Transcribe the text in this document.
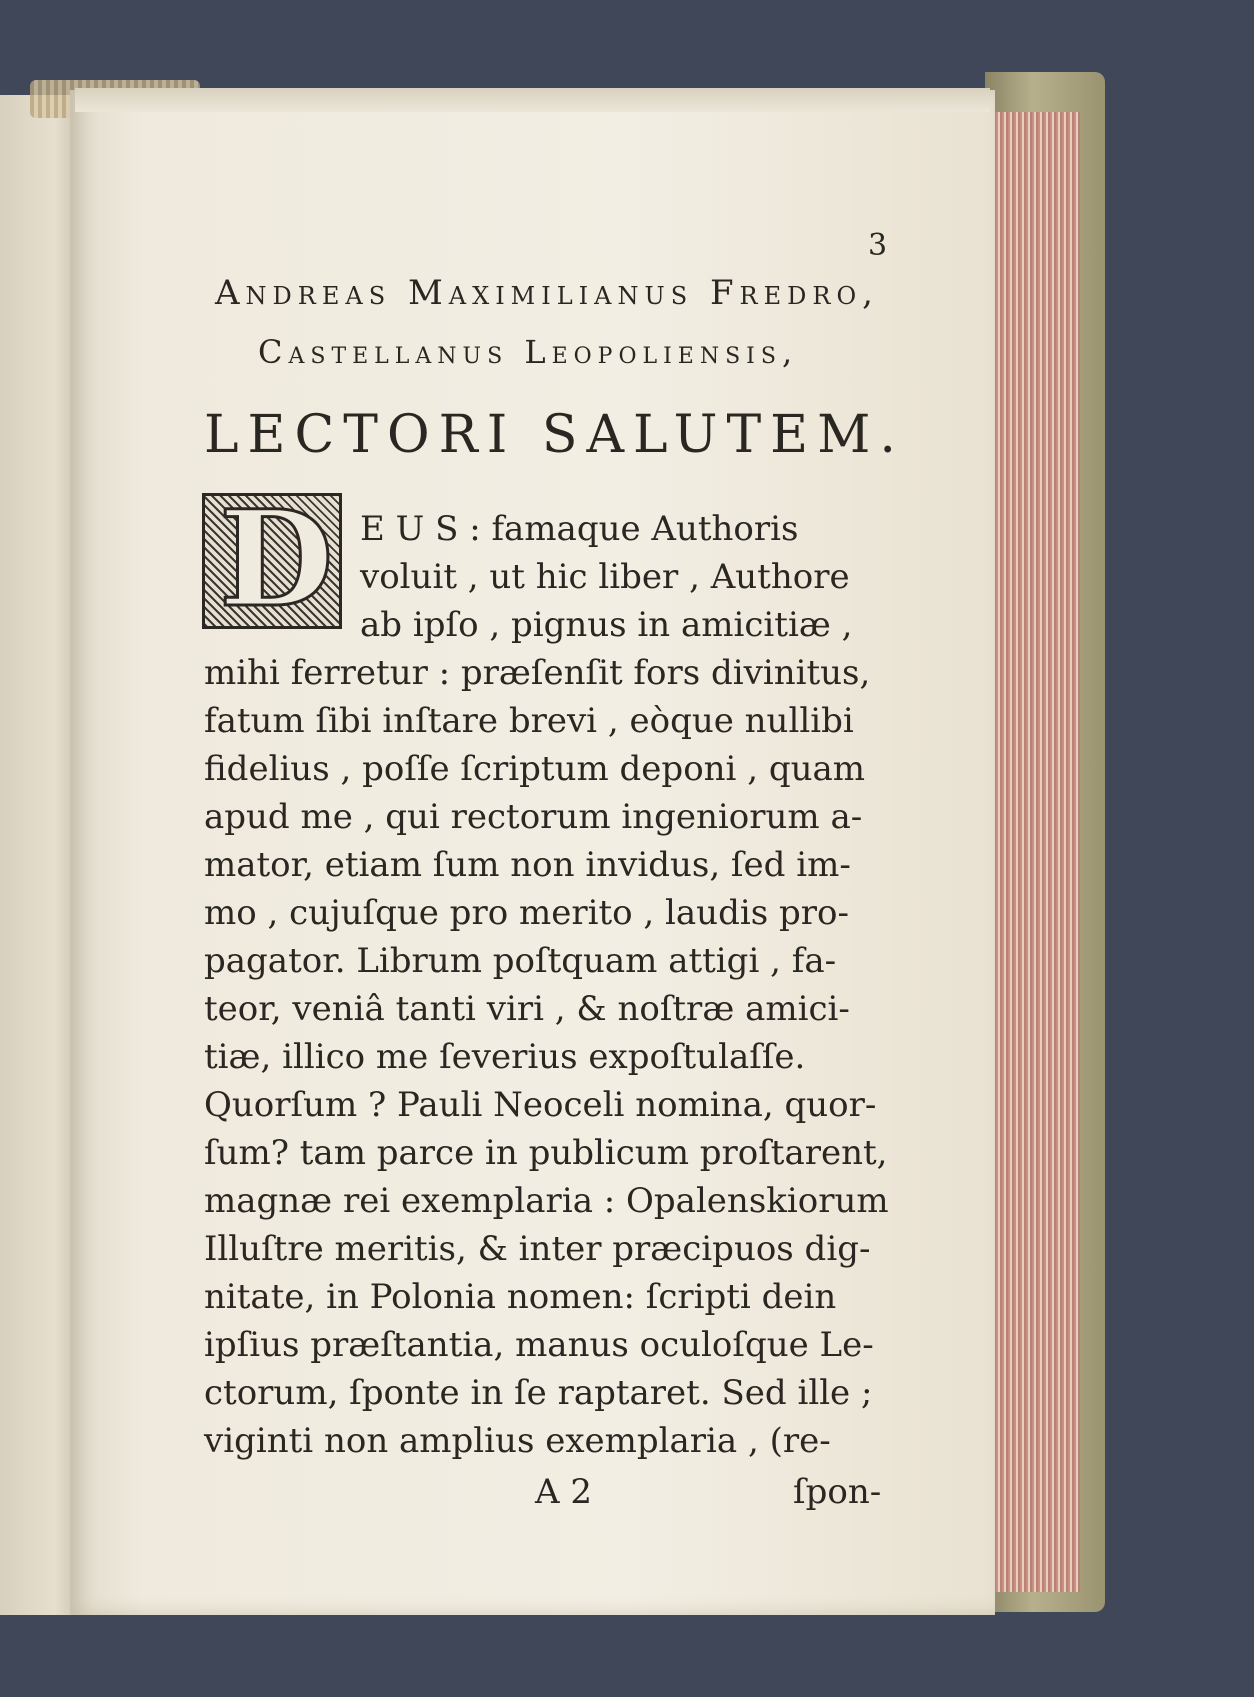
3
Andreas Maximilianus Fredro,
Castellanus Leopoliensis,
LECTORI SALUTEM.
D E U S : famaque Authoris
voluit , ut hic liber , Authore
ab ipſo , pignus in amicitiæ ,
mihi ferretur : præſenſit fors divinitus,
fatum ſibi inſtare brevi , eòque nullibi
fidelius , poſſe ſcriptum deponi , quam
apud me , qui rectorum ingeniorum a-
mator, etiam ſum non invidus, ſed im-
mo , cujuſque pro merito , laudis pro-
pagator. Librum poſtquam attigi , fa-
teor, veniâ tanti viri , & noſtræ amici-
tiæ, illico me ſeverius expoſtulaſſe.
Quorſum ? Pauli Neoceli nomina, quor-
ſum? tam parce in publicum proſtarent,
magnæ rei exemplaria : Opalenskiorum
Illuſtre meritis, & inter præcipuos dig-
nitate, in Polonia nomen: ſcripti dein
ipſius præſtantia, manus oculoſque Le-
ctorum, ſponte in ſe raptaret. Sed ille ;
viginti non amplius exemplaria , (re-
A 2	ſpon-
